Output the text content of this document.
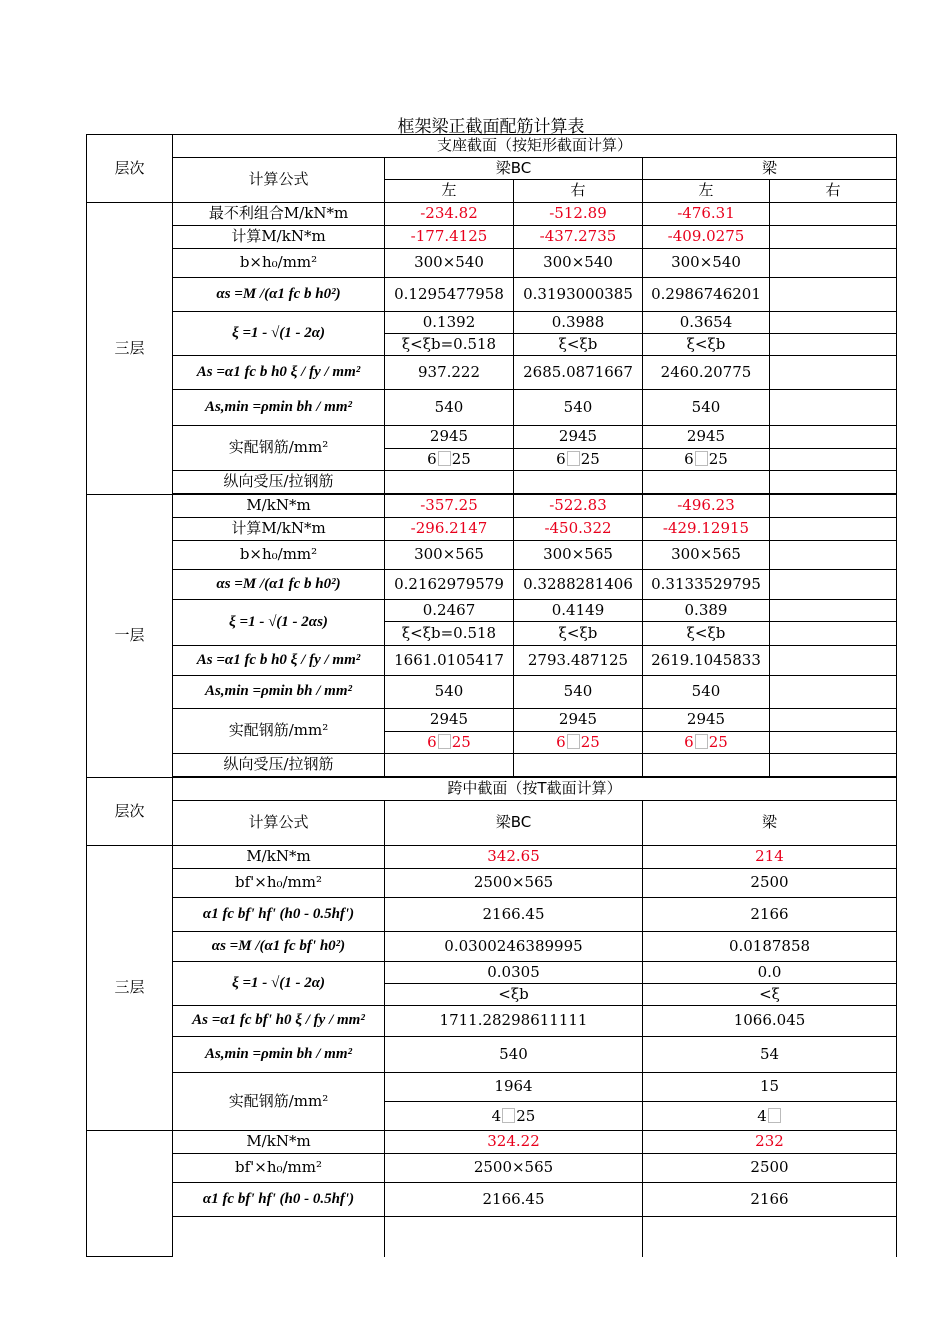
框架梁正截面配筋计算表
层次	支座截面（按矩形截面计算）				
	计算公式	梁BC		梁	
		左	右	左	右
三层	最不利组合M/kN*m	-234.82	-512.89	-476.31	
	计算M/kN*m	-177.4125	-437.2735	-409.0275	
	b×h₀/mm²	300×540	300×540	300×540	
	αs =M /(α1 fc b h0²)	0.1295477958	0.3193000385	0.2986746201	
	ξ =1 - √(1 - 2α)	0.1392	0.3988	0.3654	
		ξ<ξb=0.518	ξ<ξb	ξ<ξb	
	As =α1 fc b h0 ξ / fy / mm²	937.222	2685.0871667	2460.20775	
	As,min =ρmin bh / mm²	540	540	540	
	实配钢筋/mm²	2945	2945	2945	
		6 25	6 25	6 25	
	纵向受压/拉钢筋				

一层	M/kN*m	-357.25	-522.83	-496.23	
	计算M/kN*m	-296.2147	-450.322	-429.12915	
	b×h₀/mm²	300×565	300×565	300×565	
	αs =M /(α1 fc b h0²)	0.2162979579	0.3288281406	0.3133529795	
	ξ =1 - √(1 - 2αs)	0.2467	0.4149	0.389	
		ξ<ξb=0.518	ξ<ξb	ξ<ξb	
	As =α1 fc b h0 ξ / fy / mm²	1661.0105417	2793.487125	2619.1045833	
	As,min =ρmin bh / mm²	540	540	540	
	实配钢筋/mm²	2945	2945	2945	
		6 25	6 25	6 25	
	纵向受压/拉钢筋				

层次	跨中截面（按T截面计算）				
	计算公式	梁BC		梁	
三层	M/kN*m	342.65		214	
	bf'×h₀/mm²	2500×565		2500	
	α1 fc bf' hf' (h0 - 0.5hf')	2166.45		2166	
	αs =M /(α1 fc bf' h0²)	0.0300246389995		0.0187858	
	ξ =1 - √(1 - 2α)	0.0305		0.0	
		<ξb		<ξ	
	As =α1 fc bf' h0 ξ / fy / mm²	1711.28298611111		1066.045	
	As,min =ρmin bh / mm²	540		54	
	实配钢筋/mm²	1964		15	
		4 25		4	
	M/kN*m	324.22		232	
	bf'×h₀/mm²	2500×565		2500	
	α1 fc bf' hf' (h0 - 0.5hf')	2166.45		2166	
